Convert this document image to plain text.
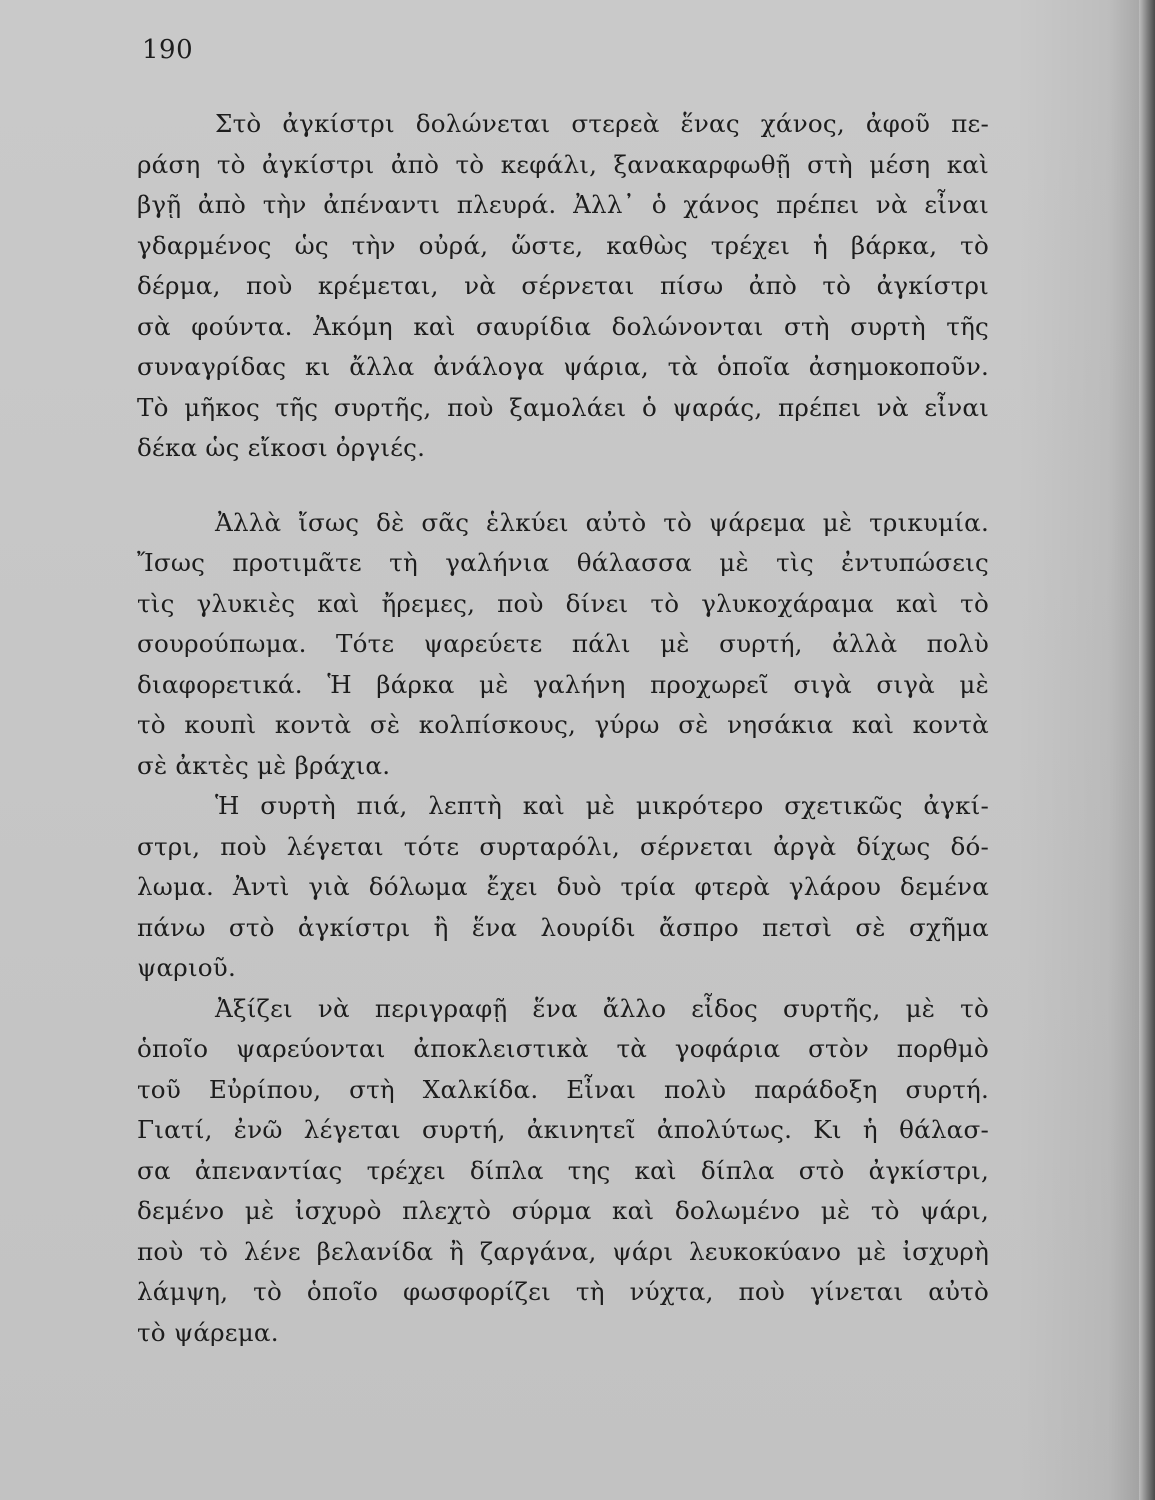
190
Στὸ ἀγκίστρι δολώνεται στερεὰ ἕνας χάνος, ἀφοῦ πε-
ράση τὸ ἀγκίστρι ἀπὸ τὸ κεφάλι, ξανακαρφωθῇ στὴ μέση καὶ
βγῇ ἀπὸ τὴν ἀπέναντι πλευρά. Ἀλλ᾽ ὁ χάνος πρέπει νὰ εἶναι
γδαρμένος ὡς τὴν οὐρά, ὥστε, καθὼς τρέχει ἡ βάρκα, τὸ
δέρμα, ποὺ κρέμεται, νὰ σέρνεται πίσω ἀπὸ τὸ ἀγκίστρι
σὰ φούντα. Ἀκόμη καὶ σαυρίδια δολώνονται στὴ συρτὴ τῆς
συναγρίδας κι ἄλλα ἀνάλογα ψάρια, τὰ ὁποῖα ἀσημοκοποῦν.
Τὸ μῆκος τῆς συρτῆς, ποὺ ξαμολάει ὁ ψαράς, πρέπει νὰ εἶναι
δέκα ὡς εἴκοσι ὀργιές.
Ἀλλὰ ἴσως δὲ σᾶς ἑλκύει αὐτὸ τὸ ψάρεμα μὲ τρικυμία.
Ἴσως προτιμᾶτε τὴ γαλήνια θάλασσα μὲ τὶς ἐντυπώσεις
τὶς γλυκιὲς καὶ ἤρεμες, ποὺ δίνει τὸ γλυκοχάραμα καὶ τὸ
σουρούπωμα. Τότε ψαρεύετε πάλι μὲ συρτή, ἀλλὰ πολὺ
διαφορετικά. Ἡ βάρκα μὲ γαλήνη προχωρεῖ σιγὰ σιγὰ μὲ
τὸ κουπὶ κοντὰ σὲ κολπίσκους, γύρω σὲ νησάκια καὶ κοντὰ
σὲ ἀκτὲς μὲ βράχια.
Ἡ συρτὴ πιά, λεπτὴ καὶ μὲ μικρότερο σχετικῶς ἀγκί-
στρι, ποὺ λέγεται τότε συρταρόλι, σέρνεται ἀργὰ δίχως δό-
λωμα. Ἀντὶ γιὰ δόλωμα ἔχει δυὸ τρία φτερὰ γλάρου δεμένα
πάνω στὸ ἀγκίστρι ἢ ἕνα λουρίδι ἄσπρο πετσὶ σὲ σχῆμα
ψαριοῦ.
Ἀξίζει νὰ περιγραφῇ ἕνα ἄλλο εἶδος συρτῆς, μὲ τὸ
ὁποῖο ψαρεύονται ἀποκλειστικὰ τὰ γοφάρια στὸν πορθμὸ
τοῦ Εὐρίπου, στὴ Χαλκίδα. Εἶναι πολὺ παράδοξη συρτή.
Γιατί, ἐνῶ λέγεται συρτή, ἀκινητεῖ ἀπολύτως. Κι ἡ θάλασ-
σα ἀπεναντίας τρέχει δίπλα της καὶ δίπλα στὸ ἀγκίστρι,
δεμένο μὲ ἰσχυρὸ πλεχτὸ σύρμα καὶ δολωμένο μὲ τὸ ψάρι,
ποὺ τὸ λένε βελανίδα ἢ ζαργάνα, ψάρι λευκοκύανο μὲ ἰσχυρὴ
λάμψη, τὸ ὁποῖο φωσφορίζει τὴ νύχτα, ποὺ γίνεται αὐτὸ
τὸ ψάρεμα.
